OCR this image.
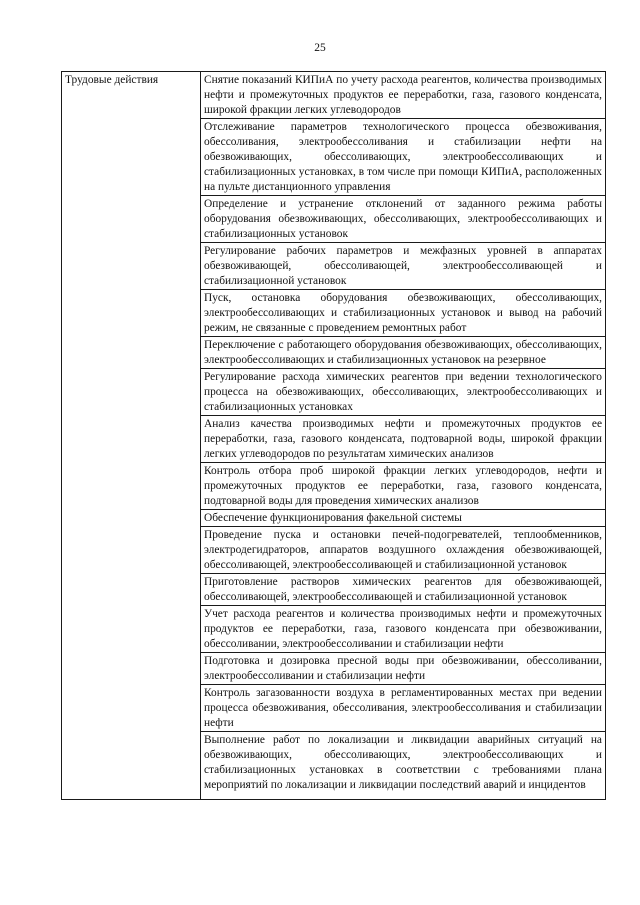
25
Трудовые действия	Снятие показаний КИПиА по учету расхода реагентов, количества производимых нефти и промежуточных продуктов ее переработки, газа, газового конденсата, широкой фракции легких углеводородов
Отслеживание параметров технологического процесса обезвоживания, обессоливания, электрообессоливания и стабилизации нефти на обезвоживающих, обессоливающих, электрообессоливающих и стабилизационных установках, в том числе при помощи КИПиА, расположенных на пульте дистанционного управления
Определение и устранение отклонений от заданного режима работы оборудования обезвоживающих, обессоливающих, электрообессоливающих и стабилизационных установок
Регулирование рабочих параметров и межфазных уровней в аппаратах обезвоживающей, обессоливающей, электрообессоливающей и стабилизационной установок
Пуск, остановка оборудования обезвоживающих, обессоливающих, электрообессоливающих и стабилизационных установок и вывод на рабочий режим, не связанные с проведением ремонтных работ
Переключение с работающего оборудования обезвоживающих, обессоливающих, электрообессоливающих и стабилизационных установок на резервное
Регулирование расхода химических реагентов при ведении технологического процесса на обезвоживающих, обессоливающих, электрообессоливающих и стабилизационных установках
Анализ качества производимых нефти и промежуточных продуктов ее переработки, газа, газового конденсата, подтоварной воды, широкой фракции легких углеводородов по результатам химических анализов
Контроль отбора проб широкой фракции легких углеводородов, нефти и промежуточных продуктов ее переработки, газа, газового конденсата, подтоварной воды для проведения химических анализов
Обеспечение функционирования факельной системы
Проведение пуска и остановки печей-подогревателей, теплообменников, электродегидраторов, аппаратов воздушного охлаждения обезвоживающей, обессоливающей, электрообессоливающей и стабилизационной установок
Приготовление растворов химических реагентов для обезвоживающей, обессоливающей, электрообессоливающей и стабилизационной установок
Учет расхода реагентов и количества производимых нефти и промежуточных продуктов ее переработки, газа, газового конденсата при обезвоживании, обессоливании, электрообессоливании и стабилизации нефти
Подготовка и дозировка пресной воды при обезвоживании, обессоливании, электрообессоливании и стабилизации нефти
Контроль загазованности воздуха в регламентированных местах при ведении процесса обезвоживания, обессоливания, электрообессоливания и стабилизации нефти
Выполнение работ по локализации и ликвидации аварийных ситуаций на обезвоживающих, обессоливающих, электрообессоливающих и стабилизационных установках в соответствии с требованиями плана мероприятий по локализации и ликвидации последствий аварий и инцидентов
